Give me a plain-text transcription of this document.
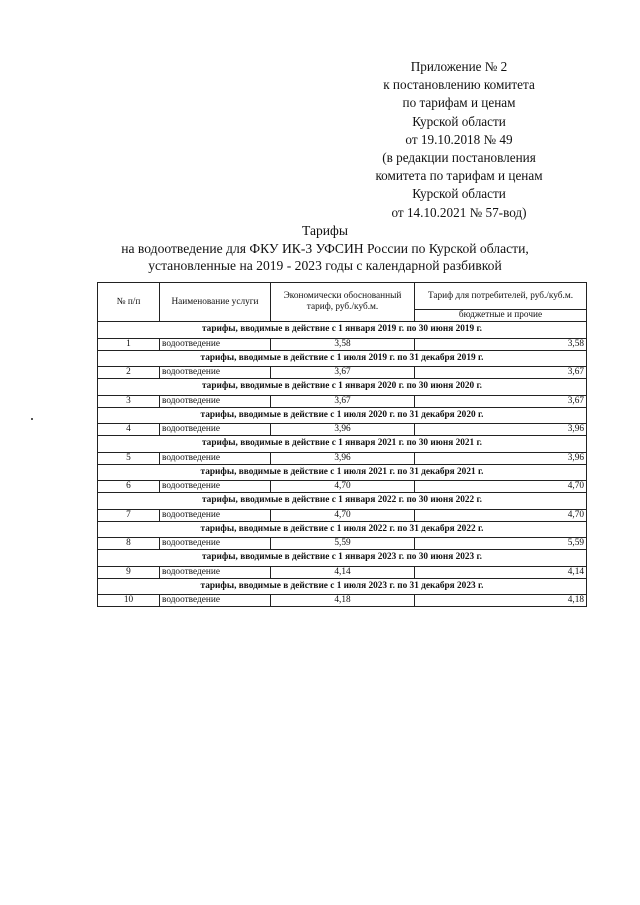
Приложение № 2
к постановлению комитета
по тарифам и ценам
Курской области
от 19.10.2018 № 49
(в редакции постановления
комитета по тарифам и ценам
Курской области
от 14.10.2021 № 57-вод)
Тарифы
на водоотведение для ФКУ ИК-3 УФСИН России по Курской области,
установленные на 2019 - 2023 годы с календарной разбивкой
№ п/п	Наименование услуги	Экономически обоснованный тариф, руб./куб.м.	Тариф для потребителей, руб./куб.м.
			бюджетные и прочие
тарифы, вводимые в действие с 1 января 2019 г. по 30 июня 2019 г.			
1	водоотведение	3,58	3,58
тарифы, вводимые в действие с 1 июля 2019 г. по 31 декабря 2019 г.			
2	водоотведение	3,67	3,67
тарифы, вводимые в действие с 1 января 2020 г. по 30 июня 2020 г.			
3	водоотведение	3,67	3,67
тарифы, вводимые в действие с 1 июля 2020 г. по 31 декабря 2020 г.			
4	водоотведение	3,96	3,96
тарифы, вводимые в действие с 1 января 2021 г. по 30 июня 2021 г.			
5	водоотведение	3,96	3,96
тарифы, вводимые в действие с 1 июля 2021 г. по 31 декабря 2021 г.			
6	водоотведение	4,70	4,70
тарифы, вводимые в действие с 1 января 2022 г. по 30 июня 2022 г.			
7	водоотведение	4,70	4,70
тарифы, вводимые в действие с 1 июля 2022 г. по 31 декабря 2022 г.			
8	водоотведение	5,59	5,59
тарифы, вводимые в действие с 1 января 2023 г. по 30 июня 2023 г.			
9	водоотведение	4,14	4,14
тарифы, вводимые в действие с 1 июля 2023 г. по 31 декабря 2023 г.			
10	водоотведение	4,18	4,18
